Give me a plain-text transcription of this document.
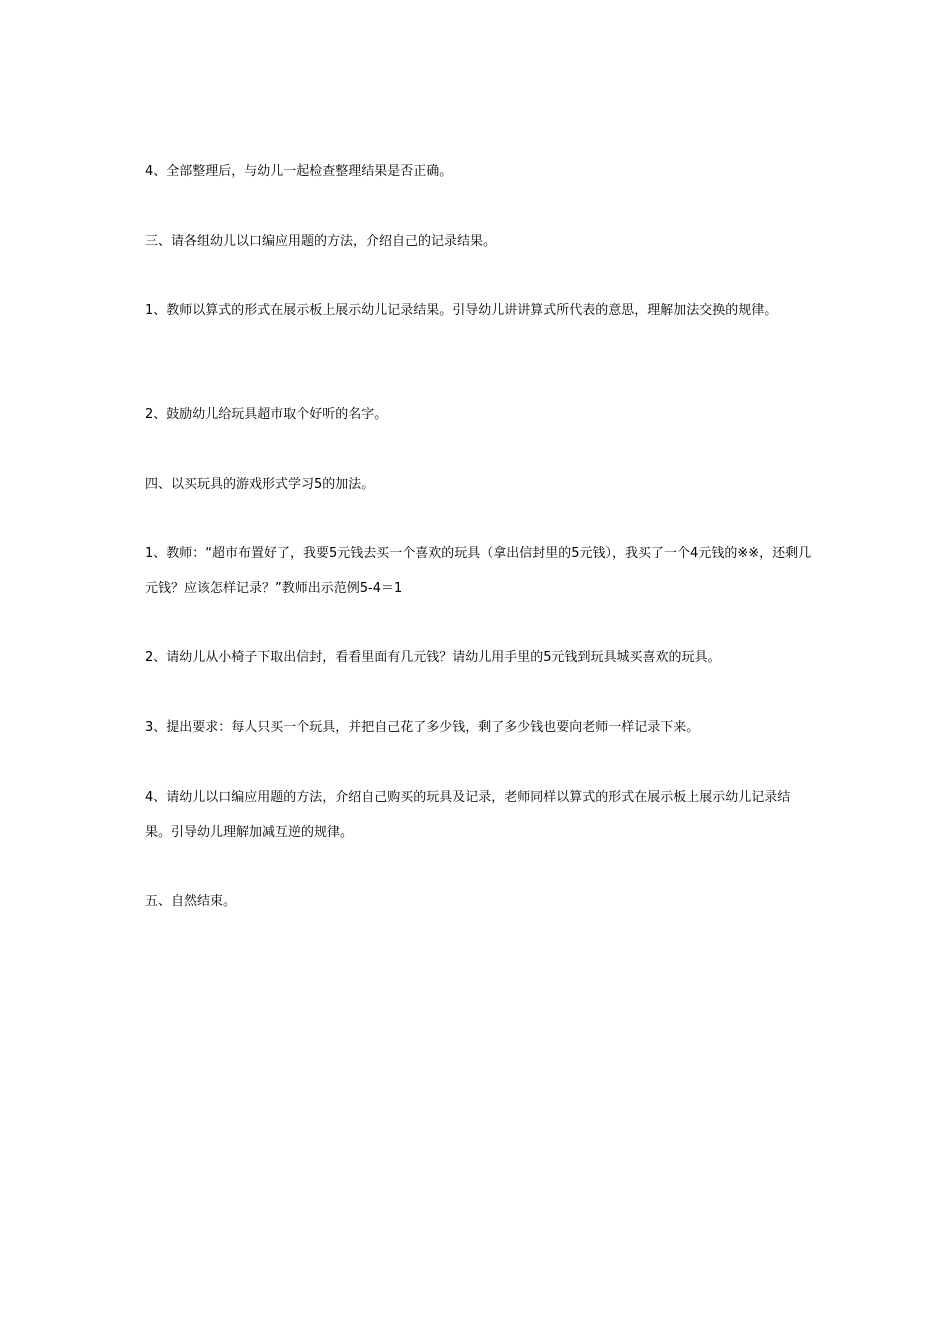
4、全部整理后，与幼儿一起检查整理结果是否正确。

三、请各组幼儿以口编应用题的方法，介绍自己的记录结果。

1、教师以算式的形式在展示板上展示幼儿记录结果。引导幼儿讲讲算式所代表的意思，理解加法交换的规律。

2、鼓励幼儿给玩具超市取个好听的名字。

四、以买玩具的游戏形式学习5的加法。

1、教师：“超市布置好了，我要5元钱去买一个喜欢的玩具（拿出信封里的5元钱），我买了一个4元钱的※※，还剩几元钱？应该怎样记录？”教师出示范例5-4＝1

2、请幼儿从小椅子下取出信封，看看里面有几元钱？请幼儿用手里的5元钱到玩具城买喜欢的玩具。

3、提出要求：每人只买一个玩具，并把自己花了多少钱，剩了多少钱也要向老师一样记录下来。

4、请幼儿以口编应用题的方法，介绍自己购买的玩具及记录，老师同样以算式的形式在展示板上展示幼儿记录结果。引导幼儿理解加减互逆的规律。

五、自然结束。
